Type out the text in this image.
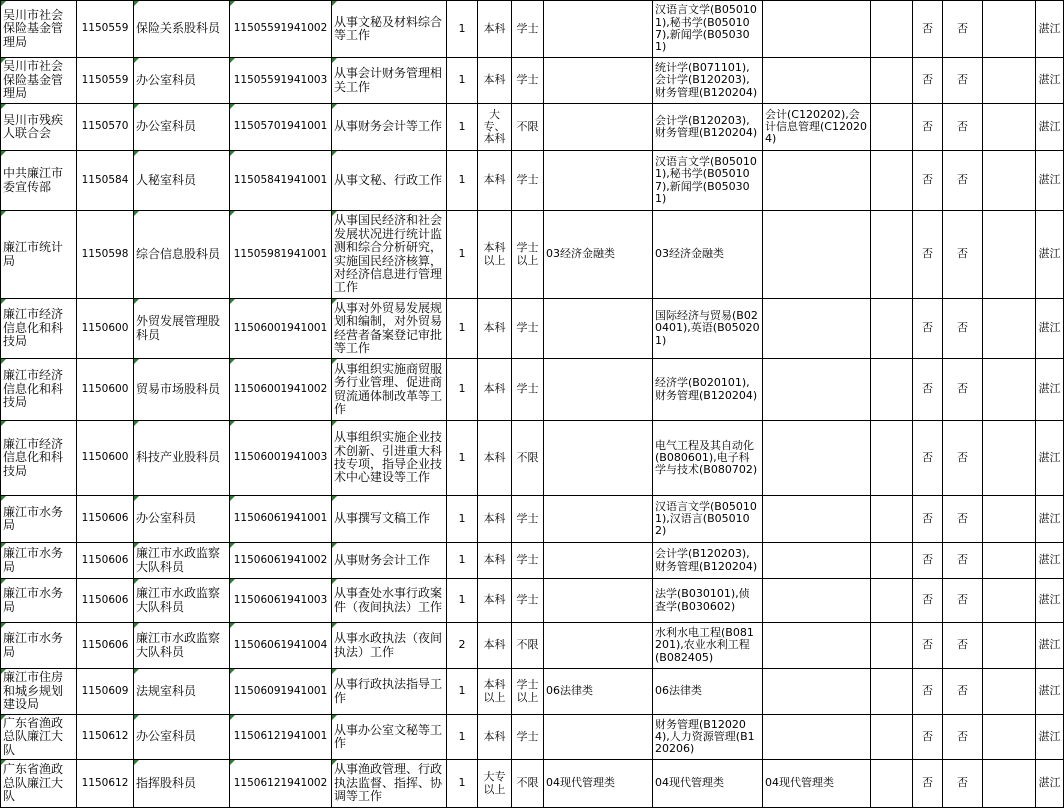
吴川市社会保险基金管理局	1150559	保险关系股科员	11505591941002	从事文秘及材料综合等工作	1	本科	学士		汉语言文学(B050101),秘书学(B050107),新闻学(B050301)			否	否		湛江
吴川市社会保险基金管理局	1150559	办公室科员	11505591941003	从事会计财务管理相关工作	1	本科	学士		统计学(B071101),会计学(B120203),财务管理(B120204)			否	否		湛江
吴川市残疾人联合会	1150570	办公室科员	11505701941001	从事财务会计等工作	1	大专、本科	不限		会计学(B120203),财务管理(B120204)	会计(C120202),会计信息管理(C120204)		否	否		湛江
中共廉江市委宣传部	1150584	人秘室科员	11505841941001	从事文秘、行政工作	1	本科	学士		汉语言文学(B050101),秘书学(B050107),新闻学(B050301)			否	否		湛江
廉江市统计局	1150598	综合信息股科员	11505981941001	从事国民经济和社会发展状况进行统计监测和综合分析研究，实施国民经济核算，对经济信息进行管理工作	1	本科以上	学士以上	03经济金融类	03经济金融类			否	否		湛江
廉江市经济信息化和科技局	1150600	外贸发展管理股科员	11506001941001	从事对外贸易发展规划和编制，对外贸易经营者备案登记审批等工作	1	本科	学士		国际经济与贸易(B020401),英语(B050201)			否	否		湛江
廉江市经济信息化和科技局	1150600	贸易市场股科员	11506001941002	从事组织实施商贸服务行业管理、促进商贸流通体制改革等工作	1	本科	学士		经济学(B020101),财务管理(B120204)			否	否		湛江
廉江市经济信息化和科技局	1150600	科技产业股科员	11506001941003	从事组织实施企业技术创新、引进重大科技专项，指导企业技术中心建设等工作	1	本科	不限		电气工程及其自动化(B080601),电子科学与技术(B080702)			否	否		湛江
廉江市水务局	1150606	办公室科员	11506061941001	从事撰写文稿工作	1	本科	学士		汉语言文学(B050101),汉语言(B050102)			否	否		湛江
廉江市水务局	1150606	廉江市水政监察大队科员	11506061941002	从事财务会计工作	1	本科	学士		会计学(B120203),财务管理(B120204)			否	否		湛江
廉江市水务局	1150606	廉江市水政监察大队科员	11506061941003	从事查处水事行政案件（夜间执法）工作	1	本科	学士		法学(B030101),侦查学(B030602)			否	否		湛江
廉江市水务局	1150606	廉江市水政监察大队科员	11506061941004	从事水政执法（夜间执法）工作	2	本科	不限		水利水电工程(B081201),农业水利工程(B082405)			否	否		湛江
廉江市住房和城乡规划建设局	1150609	法规室科员	11506091941001	从事行政执法指导工作	1	本科以上	学士以上	06法律类	06法律类			否	否		湛江
广东省渔政总队廉江大队	1150612	办公室科员	11506121941001	从事办公室文秘等工作	1	本科	学士		财务管理(B120204),人力资源管理(B120206)			否	否		湛江
广东省渔政总队廉江大队	1150612	指挥股科员	11506121941002	从事渔政管理、行政执法监督、指挥、协调等工作	1	大专以上	不限	04现代管理类	04现代管理类	04现代管理类		否	否		湛江
